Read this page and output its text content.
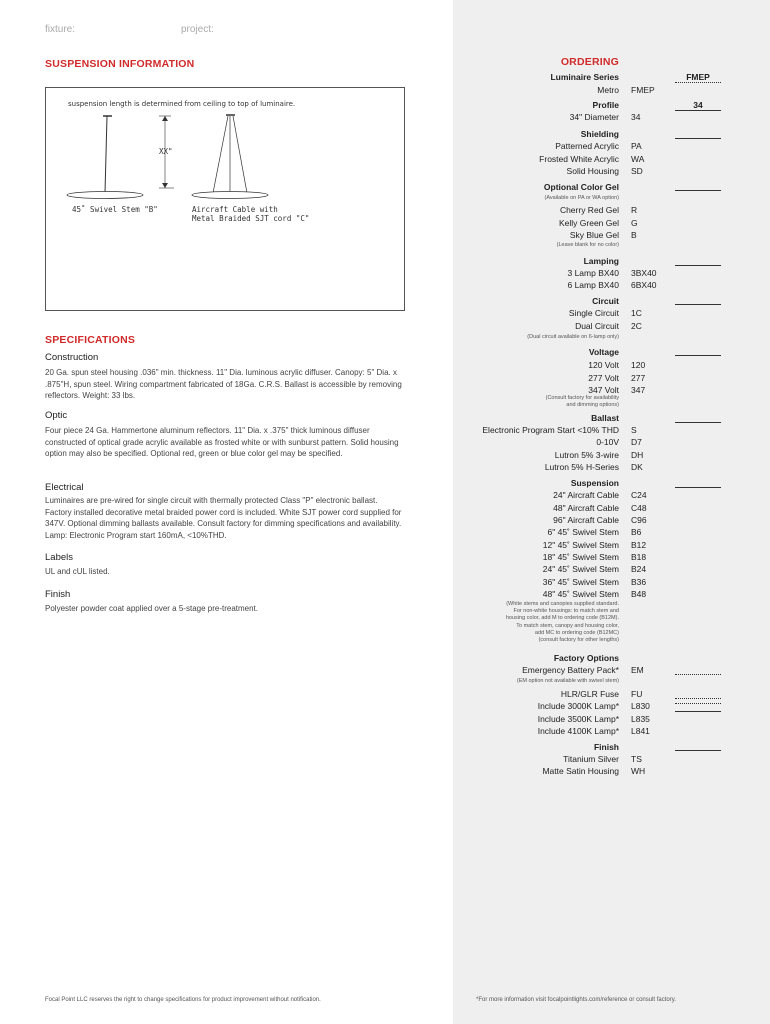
fixture:	project:
SUSPENSION INFORMATION
suspension length is determined from ceiling to top of luminaire.
XX"
45˚ Swivel Stem "B"	Aircraft Cable with
Metal Braided SJT cord "C"
SPECIFICATIONS
Construction
20 Ga. spun steel housing .036" min. thickness. 11" Dia. luminous acrylic diffuser. Canopy: 5" Dia. x .875"H, spun steel. Wiring compartment fabricated of 18Ga. C.R.S. Ballast is accessible by removing reflectors. Weight: 33 lbs.
Optic
Four piece 24 Ga. Hammertone aluminum reflectors. 11" Dia. x .375" thick luminous diffuser constructed of optical grade acrylic available as frosted white or with sunburst pattern. Solid housing option may also be specified. Optional red, green or blue color gel may be specified.
Electrical
Luminaires are pre-wired for single circuit with thermally protected Class "P" electronic ballast. Factory installed decorative metal braided power cord is included. White SJT power cord supplied for 347V. Optional dimming ballasts available. Consult factory for dimming specifications and availability. Lamp: Electronic Program start 160mA, <10%THD.
Labels
UL and cUL listed.
Finish
Polyester powder coat applied over a 5-stage pre-treatment.
ORDERING
Luminaire Series	FMEP
Metro FMEP
Profile	34
34" Diameter 34
Shielding
Patterned Acrylic PA
Frosted White Acrylic WA
Solid Housing SD
Optional Color Gel
(Available on PA or WA option)
Cherry Red Gel R
Kelly Green Gel G
Sky Blue Gel B
(Leave blank for no color)
Lamping
3 Lamp BX40 3BX40
6 Lamp BX40 6BX40
Circuit
Single Circuit 1C
Dual Circuit 2C
(Dual circuit available on 6-lamp only)
Voltage
120 Volt 120
277 Volt 277
347 Volt 347
(Consult factory for availability
and dimming options)
Ballast
Electronic Program Start <10% THD S
0-10V D7
Lutron 5% 3-wire DH
Lutron 5% H-Series DK
Suspension
24" Aircraft Cable C24
48" Aircraft Cable C48
96" Aircraft Cable C96
6" 45˚ Swivel Stem B6
12" 45˚ Swivel Stem B12
18" 45˚ Swivel Stem B18
24" 45˚ Swivel Stem B24
36" 45˚ Swivel Stem B36
48" 45˚ Swivel Stem B48
(White stems and canopies supplied standard.
For non-white housings: to match stem and
housing color, add M to ordering code (B12M).
To match stem, canopy and housing color,
add MC to ordering code (B12MC)
(consult factory for other lengths)
Factory Options
Emergency Battery Pack* EM
(EM option not available with swivel stem)
HLR/GLR Fuse FU
Include 3000K Lamp* L830
Include 3500K Lamp* L835
Include 4100K Lamp* L841
Finish
Titanium Silver TS
Matte Satin Housing WH
Focal Point LLC reserves the right to change specifications for product improvement without notification.	*For more information visit focalpointlights.com/reference or consult factory.
